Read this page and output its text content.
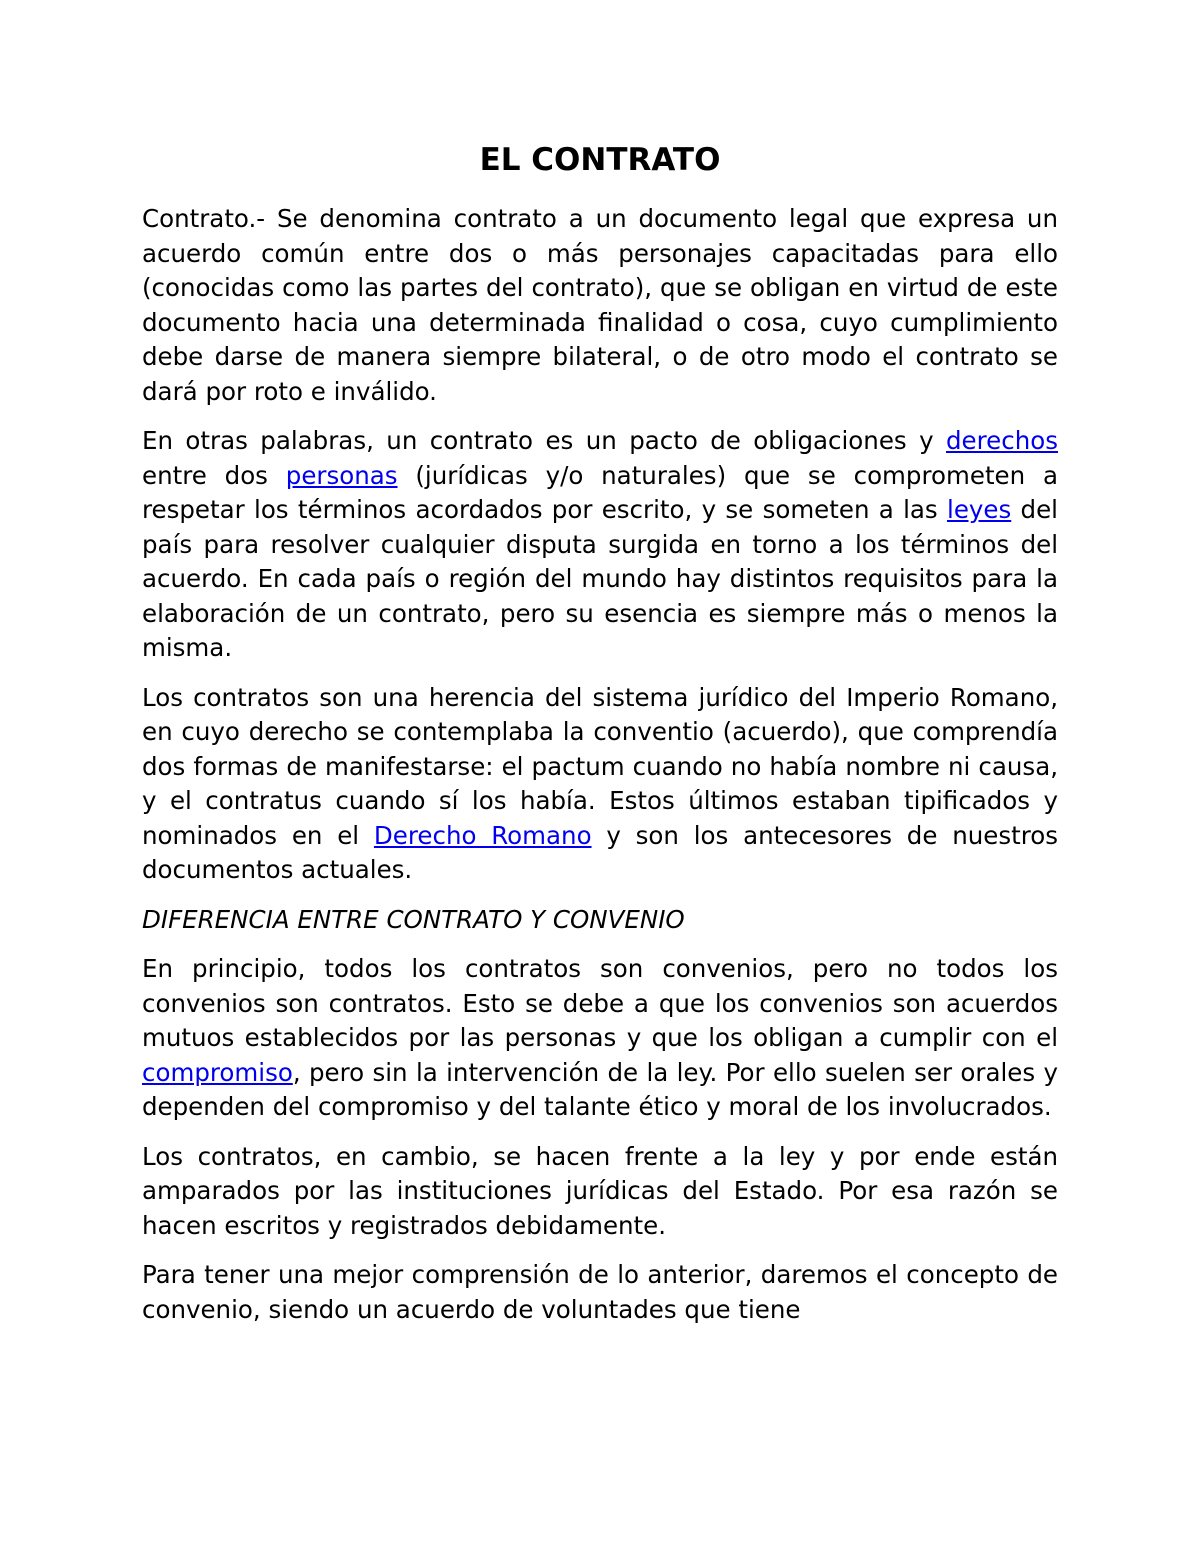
EL CONTRATO

Contrato.- Se denomina contrato a un documento legal que expresa un acuerdo común entre dos o más personajes capacitadas para ello (conocidas como las partes del contrato), que se obligan en virtud de este documento hacia una determinada finalidad o cosa, cuyo cumplimiento debe darse de manera siempre bilateral, o de otro modo el contrato se dará por roto e inválido.

En otras palabras, un contrato es un pacto de obligaciones y derechos entre dos personas (jurídicas y/o naturales) que se comprometen a respetar los términos acordados por escrito, y se someten a las leyes del país para resolver cualquier disputa surgida en torno a los términos del acuerdo. En cada país o región del mundo hay distintos requisitos para la elaboración de un contrato, pero su esencia es siempre más o menos la misma.

Los contratos son una herencia del sistema jurídico del Imperio Romano, en cuyo derecho se contemplaba la conventio (acuerdo), que comprendía dos formas de manifestarse: el pactum cuando no había nombre ni causa, y el contratus cuando sí los había. Estos últimos estaban tipificados y nominados en el Derecho Romano y son los antecesores de nuestros documentos actuales.

DIFERENCIA ENTRE CONTRATO Y CONVENIO

En principio, todos los contratos son convenios, pero no todos los convenios son contratos. Esto se debe a que los convenios son acuerdos mutuos establecidos por las personas y que los obligan a cumplir con el compromiso, pero sin la intervención de la ley. Por ello suelen ser orales y dependen del compromiso y del talante ético y moral de los involucrados.

Los contratos, en cambio, se hacen frente a la ley y por ende están amparados por las instituciones jurídicas del Estado. Por esa razón se hacen escritos y registrados debidamente.

Para tener una mejor comprensión de lo anterior, daremos el concepto de convenio, siendo un acuerdo de voluntades que tiene
